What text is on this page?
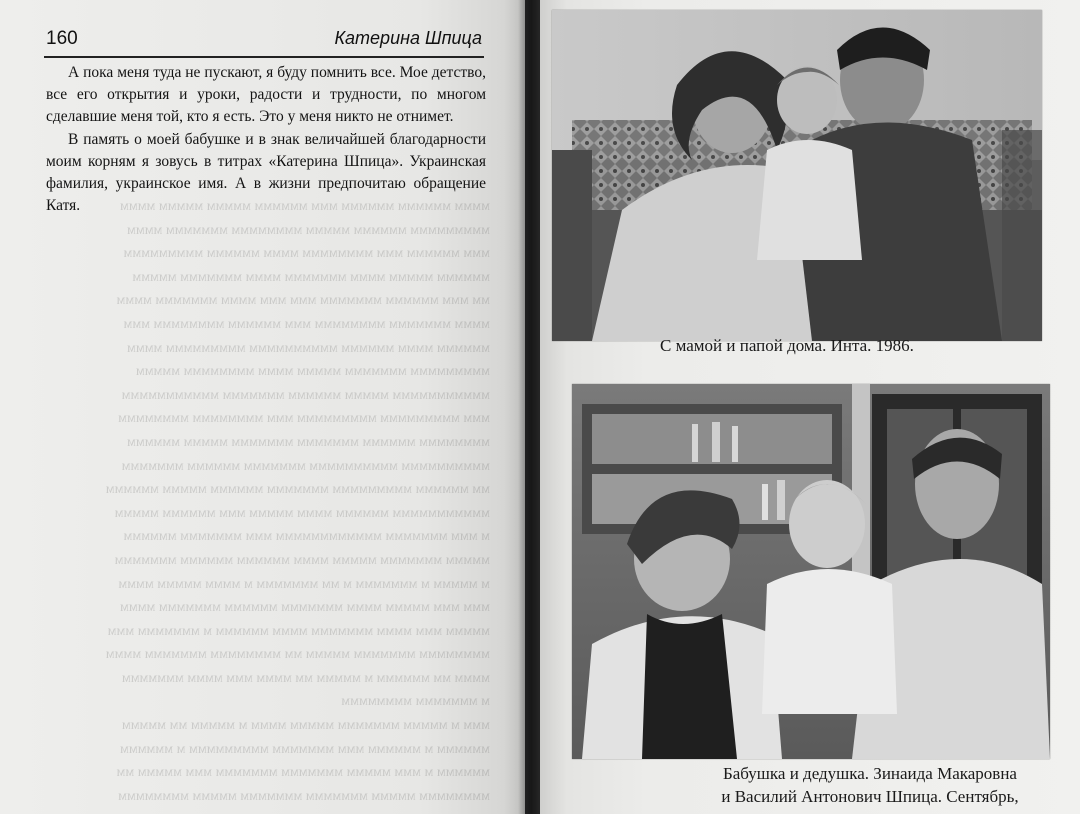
160	Катерина Шпица

А пока меня туда не пускают, я буду помнить все. Мое детство, все его открытия и уроки, радости и трудности, по многом сделавшие меня той, кто я есть. Это у меня никто не отнимет.

В память о моей бабушке и в знак величайшей благодарности моим корням я зовусь в титрах «Катерина Шпица». Украинская фамилия, украинское имя. А в жизни предпочитаю обращение Катя.	мммм мммммм мммммм ммм мммммм ммммм ммммм мммм
ммммммммм мммммм ммммм мммммммм ммммммм мммм
ммм мммммм ммм мммммммм мммм мммммм ммммммммм
мммммм ммммм мммм ммммммм мммм ммммммм ммммм
мм ммм мммммм ммммммм ммм ммм мммм ммммммм мммм
мммм ммммммм мммммммм ммм мммммм мммммммм ммм
мммммм мммм мммммм мммммммммм ммммммммм мммм
ммммммммм ммммммм ммммм мммм мммммммм ммммм
ммммммммммм ммммм мммммм ммммммм ммммммммммм
ммм ммммммммм ммммммммм ммм мммммммм мммммммм
мммммммм мммммм ммммммм ммммммм ммммм мммммм
мммммммммм мммммммммм ммммммм мммммм ммммммм
мм мммммм ммммммммм ммммммм мммммм ммммм мммммм
ммммммммммм мммммм мммм ммммм ммм мммммм ммммм
м ммм ммммммм мммммммммммм ммм ммммммм мммммм
ммммм ммммммм ммммм мммм мммммм мммммм ммммммм
м ммммм м ммммммм м мм ммммммм м мммм ммммм мммм
ммм ммм ммммм мммм ммммммм мммммм ммммммм мммм
ммммм ммм мммм ммммммм мммм мммммм м ммммммм ммм
мммммммм ммммммм ммммм мм мммммммм ммммммм мммм
мммм мм мммммм м ммммм мм мммм ммм мммм ммммммм
м ммммммм мммммммм
ммм м ммммм ммммммм ммммм мммм м ммммм мм ммммм
мммммм м мммммм ммм ммммммм ммммммммм м мммммм
мммммм м ммм ммммм ммммммм ммммммм ммм ммммм мм
мммммммм ммммм ммммммм ммммммм ммммм мммммммм
С мамой и папой дома. Инта. 1986.
Бабушка и дедушка. Зинаида Макаровна
и Василий Антонович Шпица. Сентябрь,
